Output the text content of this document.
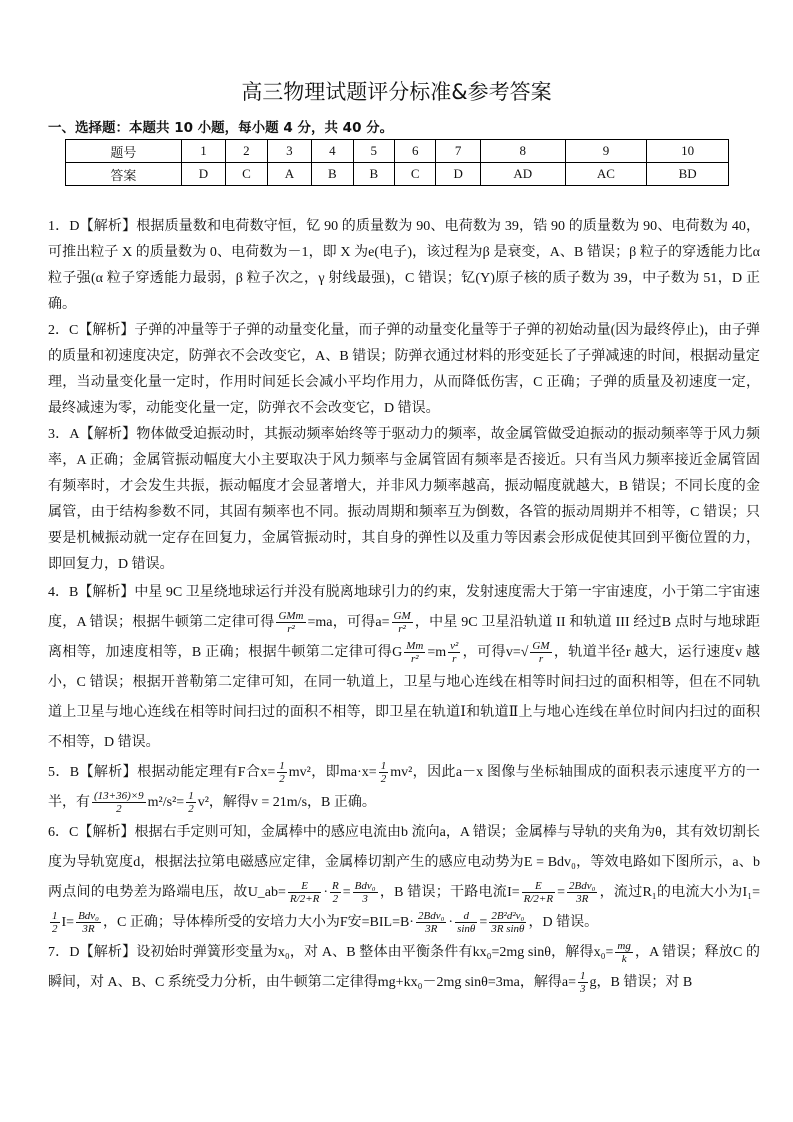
高三物理试题评分标准&参考答案
一、选择题：本题共 10 小题，每小题 4 分，共 40 分。
题号	1	2	3	4	5	6	7	8	9	10
答案	D	C	A	B	B	C	D	AD	AC	BD

1．D【解析】根据质量数和电荷数守恒，钇 90 的质量数为 90、电荷数为 39，锆 90 的质量数为 90、电荷数为 40，可推出粒子 X 的质量数为 0、电荷数为－1，即 X 为e(电子)，该过程为β 是衰变，A、B 错误；β 粒子的穿透能力比α 粒子强(α 粒子穿透能力最弱，β 粒子次之，γ 射线最强)，C 错误；钇(Y)原子核的质子数为 39，中子数为 51，D 正确。

2．C【解析】子弹的冲量等于子弹的动量变化量，而子弹的动量变化量等于子弹的初始动量(因为最终停止)，由子弹的质量和初速度决定，防弹衣不会改变它，A、B 错误；防弹衣通过材料的形变延长了子弹减速的时间，根据动量定理，当动量变化量一定时，作用时间延长会减小平均作用力，从而降低伤害，C 正确；子弹的质量及初速度一定，最终减速为零，动能变化量一定，防弹衣不会改变它，D 错误。

3．A【解析】物体做受迫振动时，其振动频率始终等于驱动力的频率，故金属管做受迫振动的振动频率等于风力频率，A 正确；金属管振动幅度大小主要取决于风力频率与金属管固有频率是否接近。只有当风力频率接近金属管固有频率时，才会发生共振，振动幅度才会显著增大，并非风力频率越高，振动幅度就越大，B 错误；不同长度的金属管，由于结构参数不同，其固有频率也不同。振动周期和频率互为倒数，各管的振动周期并不相等，C 错误；只要是机械振动就一定存在回复力，金属管振动时，其自身的弹性以及重力等因素会形成促使其回到平衡位置的力，即回复力，D 错误。

4．B【解析】中星 9C 卫星绕地球运行并没有脱离地球引力的约束，发射速度需大于第一宇宙速度，小于第二宇宙速度，A 错误；根据牛顿第二定律可得 $\frac{\text{GMm}}{\text{r²}} =ma$，可得$a= \frac{GM}{\text{r²}}$ ，中星 9C 卫星沿轨道 II 和轨道 III 经过B 点时与地球距离相等，加速度相等，B 正确；根据牛顿第二定律可得G $\frac{Mm}{\text{r²}} =m \frac{\text{v²}}{r}$ ，可得$v=√ \frac{GM}{r}$ ，轨道半径r 越大，运行速度v 越小，C 错误；根据开普勒第二定律可知，在同一轨道上，卫星与地心连线在相等时间扫过的面积相等，但在不同轨道上卫星与地心连线在相等时间扫过的面积不相等，即卫星在轨道Ⅰ和轨道Ⅱ上与地心连线在单位时间内扫过的面积不相等，D 错误。

5．B【解析】根据动能定理有F合$x= \frac{1}{2} mv^2$，即$ma\cdot x= \frac{1}{2} mv^2$，因此a－x 图像与坐标轴围成的面积表示速度平方的一半，有 $\frac{(13+36)\times 9}{2} m^2/s^2= \frac{1}{2} v^2$，解得v = 21m/s，B 正确。

6．C【解析】根据右手定则可知，金属棒中的感应电流由b 流向a，A 错误；金属棒与导轨的夹角为θ，其有效切割长度为导轨宽度d，根据法拉第电磁感应定律，金属棒切割产生的感应电动势为E = Bdv₀，等效电路如下图所示，a、b 两点间的电势差为路端电压，故U_ab= $\frac{E}{R/2+R} \cdot \frac{R}{2} = \frac{\text{Bdv₀}}{3}$ ，B 错误；干路电流$I= \frac{E}{R/2+R} = \frac{\text{2Bdv₀}}{3R}$ ，流过R₁的电流大小为I₁=
$\frac{1}{2} I= \frac{\text{Bdv₀}}{3R}$ ，C 正确；导体棒所受的安培力大小为F安$=BIL=B\cdot \frac{\text{2Bdv₀}}{3R} \cdot \frac{d}{\sin\theta} = \frac{\text{2B²d²v₀}}{\text{3R sinθ}}$ ，D 错误。

7．D【解析】设初始时弹簧形变量为x₀，对 A、B 整体由平衡条件有kx₀=2mg sinθ，解得$x_0= \frac{mg}{k}$ ，A 错误；释放C 的瞬间，对 A、B、C 系统受力分析，由牛顿第二定律得mg+kx₀－2mg sinθ=3ma，解得$a= \frac{1}{3}$ g，B 错误；对 B
